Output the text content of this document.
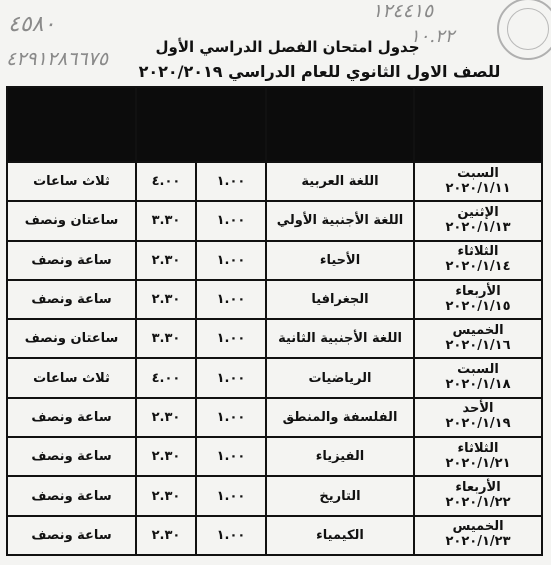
٤٥٨٠
٤٢٩١٢٨٦٦٧٥
١٢٤٤١٥
١٠.٢٢
جدول امتحان الفصل الدراسي الأول
للصف الاول الثانوي للعام الدراسي ٢٠٢٠/٢٠١٩

السبت
٢٠٢٠/١/١١	اللغة العربية	١.٠٠	٤.٠٠	ثلاث ساعات

الإثنين
٢٠٢٠/١/١٣	اللغة الأجنبية الأولي	١.٠٠	٣.٣٠	ساعتان ونصف

الثلاثاء
٢٠٢٠/١/١٤	الأحياء	١.٠٠	٢.٣٠	ساعة ونصف

الأربعاء
٢٠٢٠/١/١٥	الجغرافيا	١.٠٠	٢.٣٠	ساعة ونصف

الخميس
٢٠٢٠/١/١٦	اللغة الأجنبية الثانية	١.٠٠	٣.٣٠	ساعتان ونصف

السبت
٢٠٢٠/١/١٨	الرياضيات	١.٠٠	٤.٠٠	ثلاث ساعات

الأحد
٢٠٢٠/١/١٩	الفلسفة والمنطق	١.٠٠	٢.٣٠	ساعة ونصف

الثلاثاء
٢٠٢٠/١/٢١	الفيزياء	١.٠٠	٢.٣٠	ساعة ونصف

الأربعاء
٢٠٢٠/١/٢٢	التاريخ	١.٠٠	٢.٣٠	ساعة ونصف

الخميس
٢٠٢٠/١/٢٣	الكيمياء	١.٠٠	٢.٣٠	ساعة ونصف
